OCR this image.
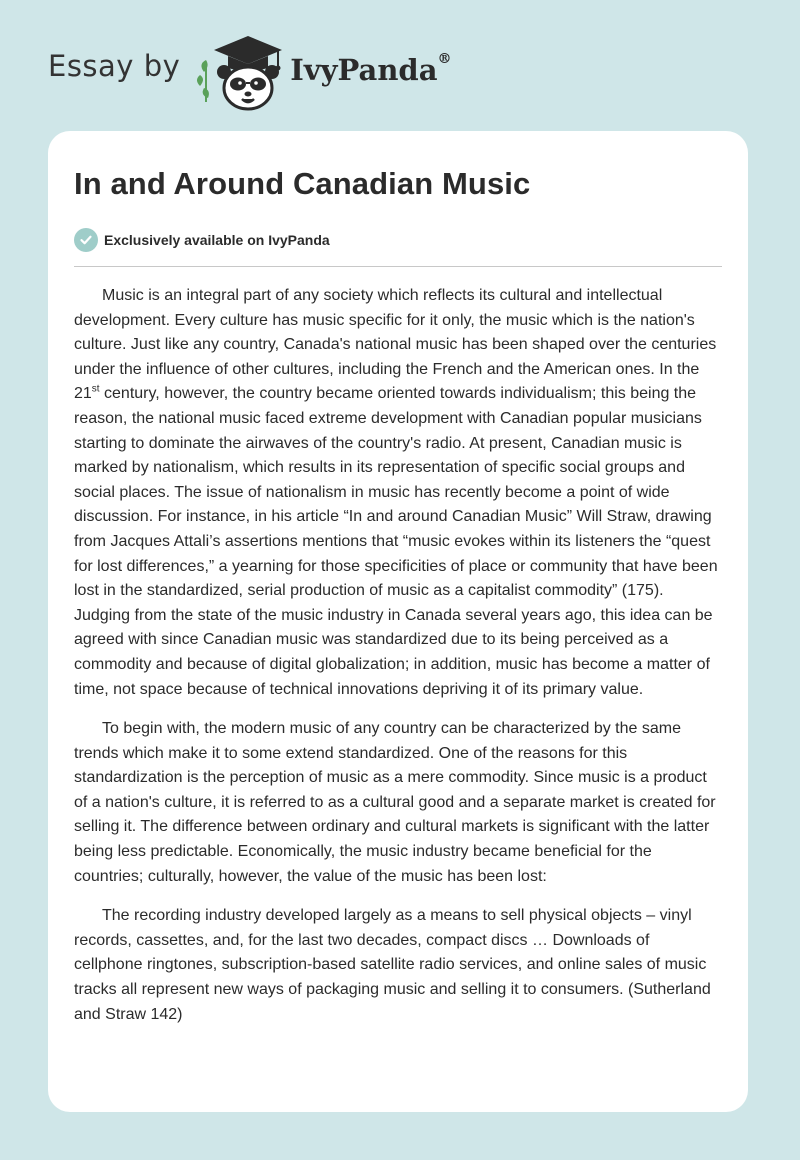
Essay by	IvyPanda®
In and Around Canadian Music
Exclusively available on IvyPanda

Music is an integral part of any society which reflects its cultural and intellectual development. Every culture has music specific for it only, the music which is the nation's culture. Just like any country, Canada's national music has been shaped over the centuries under the influence of other cultures, including the French and the American ones. In the 21st century, however, the country became oriented towards individualism; this being the reason, the national music faced extreme development with Canadian popular musicians starting to dominate the airwaves of the country's radio. At present, Canadian music is marked by nationalism, which results in its representation of specific social groups and social places. The issue of nationalism in music has recently become a point of wide discussion. For instance, in his article “In and around Canadian Music” Will Straw, drawing from Jacques Attali’s assertions mentions that “music evokes within its listeners the “quest for lost differences,” a yearning for those specificities of place or community that have been lost in the standardized, serial production of music as a capitalist commodity” (175). Judging from the state of the music industry in Canada several years ago, this idea can be agreed with since Canadian music was standardized due to its being perceived as a commodity and because of digital globalization; in addition, music has become a matter of time, not space because of technical innovations depriving it of its primary value.

To begin with, the modern music of any country can be characterized by the same trends which make it to some extend standardized. One of the reasons for this standardization is the perception of music as a mere commodity. Since music is a product of a nation's culture, it is referred to as a cultural good and a separate market is created for selling it. The difference between ordinary and cultural markets is significant with the latter being less predictable. Economically, the music industry became beneficial for the countries; culturally, however, the value of the music has been lost:

The recording industry developed largely as a means to sell physical objects – vinyl records, cassettes, and, for the last two decades, compact discs … Downloads of cellphone ringtones, subscription-based satellite radio services, and online sales of music tracks all represent new ways of packaging music and selling it to consumers. (Sutherland and Straw 142)
